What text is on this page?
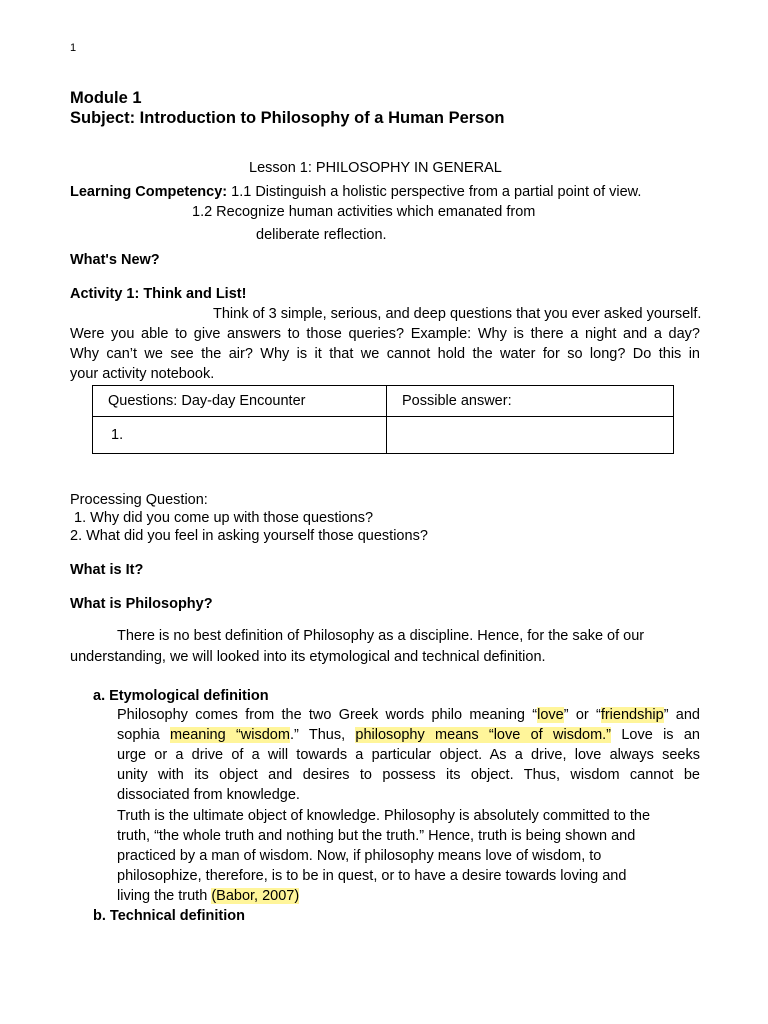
1
Module 1
Subject: Introduction to Philosophy of a Human Person
Lesson 1: PHILOSOPHY IN GENERAL
Learning Competency: 1.1 Distinguish a holistic perspective from a partial point of view.
1.2 Recognize human activities which emanated from
deliberate reflection.
What's New?
Activity 1: Think and List!
Think of 3 simple, serious, and deep questions that you ever asked yourself.
Were you able to give answers to those queries? Example: Why is there a night and a day?
Why can’t we see the air? Why is it that we cannot hold the water for so long? Do this in
your activity notebook.
Questions: Day-day Encounter	Possible answer:
1.	
Processing Question:
1. Why did you come up with those questions?
2. What did you feel in asking yourself those questions?
What is It?
What is Philosophy?
There is no best definition of Philosophy as a discipline. Hence, for the sake of our
understanding, we will looked into its etymological and technical definition.
a. Etymological definition
Philosophy comes from the two Greek words philo meaning “love” or “friendship” and
sophia meaning “wisdom.” Thus, philosophy means “love of wisdom.” Love is an
urge or a drive of a will towards a particular object. As a drive, love always seeks
unity with its object and desires to possess its object. Thus, wisdom cannot be
dissociated from knowledge.
Truth is the ultimate object of knowledge. Philosophy is absolutely committed to the
truth, “the whole truth and nothing but the truth.” Hence, truth is being shown and
practiced by a man of wisdom. Now, if philosophy means love of wisdom, to
philosophize, therefore, is to be in quest, or to have a desire towards loving and
living the truth (Babor, 2007)
b. Technical definition
